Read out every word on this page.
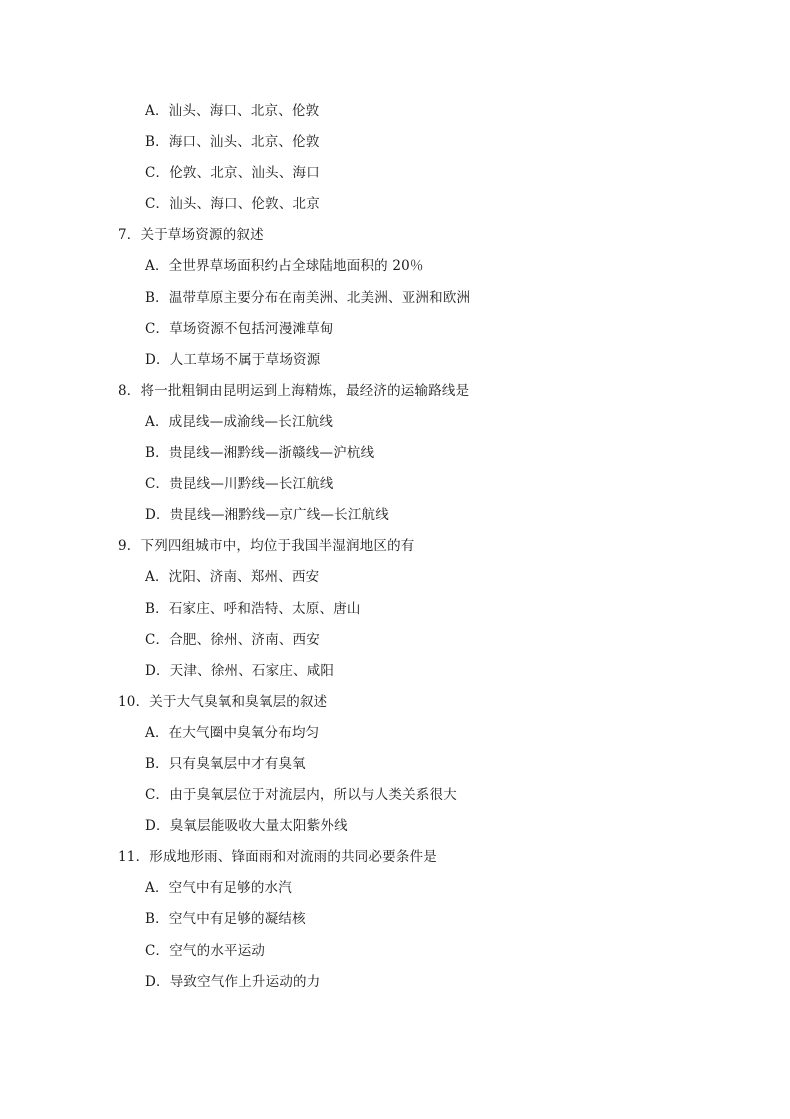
A．汕头、海口、北京、伦敦
B．海口、汕头、北京、伦敦
C．伦敦、北京、汕头、海口
C．汕头、海口、伦敦、北京
7．关于草场资源的叙述
A．全世界草场面积约占全球陆地面积的 20％
B．温带草原主要分布在南美洲、北美洲、亚洲和欧洲
C．草场资源不包括河漫滩草甸
D．人工草场不属于草场资源
8．将一批粗铜由昆明运到上海精炼，最经济的运输路线是
A．成昆线—成渝线—长江航线
B．贵昆线—湘黔线—浙赣线—沪杭线
C．贵昆线—川黔线—长江航线
D．贵昆线—湘黔线—京广线—长江航线
9．下列四组城市中，均位于我国半湿润地区的有
A．沈阳、济南、郑州、西安
B．石家庄、呼和浩特、太原、唐山
C．合肥、徐州、济南、西安
D．天津、徐州、石家庄、咸阳
10．关于大气臭氧和臭氧层的叙述
A．在大气圈中臭氧分布均匀
B．只有臭氧层中才有臭氧
C．由于臭氧层位于对流层内，所以与人类关系很大
D．臭氧层能吸收大量太阳紫外线
11．形成地形雨、锋面雨和对流雨的共同必要条件是
A．空气中有足够的水汽
B．空气中有足够的凝结核
C．空气的水平运动
D．导致空气作上升运动的力
